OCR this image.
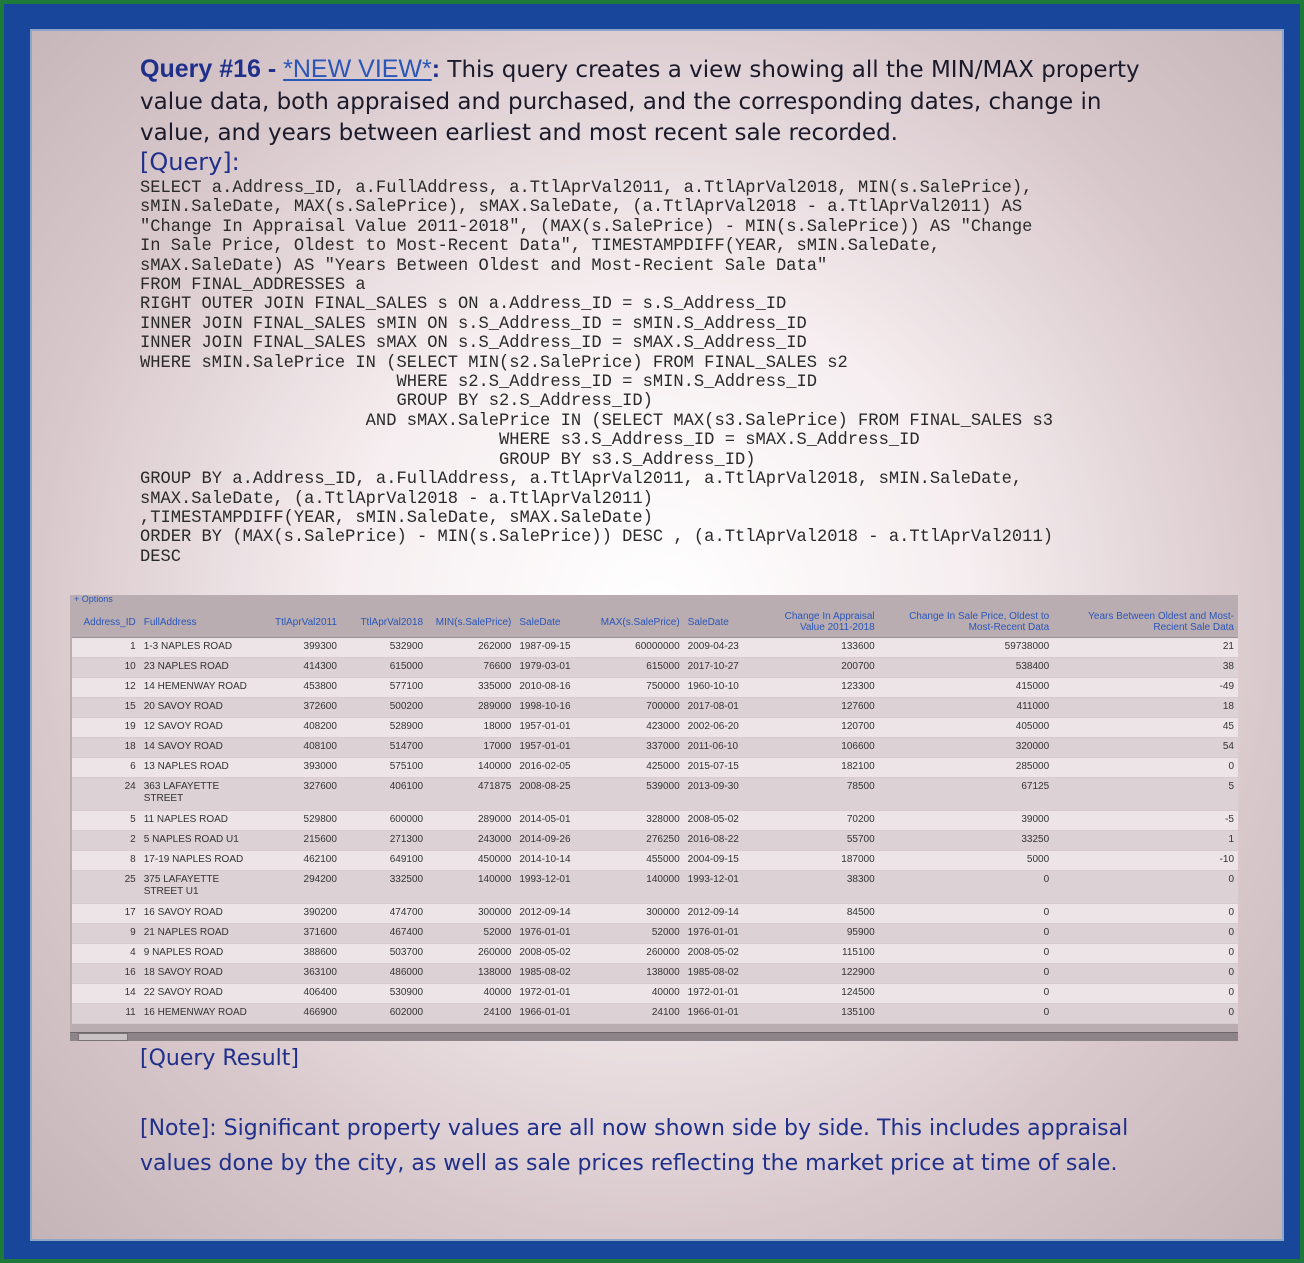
Query #16 - *NEW VIEW*: This query creates a view showing all the MIN/MAX property value data, both appraised and purchased, and the corresponding dates, change in value, and years between earliest and most recent sale recorded.
[Query]:
SELECT a.Address_ID, a.FullAddress, a.TtlAprVal2011, a.TtlAprVal2018, MIN(s.SalePrice),
sMIN.SaleDate, MAX(s.SalePrice), sMAX.SaleDate, (a.TtlAprVal2018 - a.TtlAprVal2011) AS
"Change In Appraisal Value 2011-2018", (MAX(s.SalePrice) - MIN(s.SalePrice)) AS "Change
In Sale Price, Oldest to Most-Recent Data", TIMESTAMPDIFF(YEAR, sMIN.SaleDate,
sMAX.SaleDate) AS "Years Between Oldest and Most-Recient Sale Data"
FROM FINAL_ADDRESSES a
RIGHT OUTER JOIN FINAL_SALES s ON a.Address_ID = s.S_Address_ID
INNER JOIN FINAL_SALES sMIN ON s.S_Address_ID = sMIN.S_Address_ID
INNER JOIN FINAL_SALES sMAX ON s.S_Address_ID = sMAX.S_Address_ID
WHERE sMIN.SalePrice IN (SELECT MIN(s2.SalePrice) FROM FINAL_SALES s2
WHERE s2.S_Address_ID = sMIN.S_Address_ID
GROUP BY s2.S_Address_ID)
AND sMAX.SalePrice IN (SELECT MAX(s3.SalePrice) FROM FINAL_SALES s3
WHERE s3.S_Address_ID = sMAX.S_Address_ID
GROUP BY s3.S_Address_ID)
GROUP BY a.Address_ID, a.FullAddress, a.TtlAprVal2011, a.TtlAprVal2018, sMIN.SaleDate,
sMAX.SaleDate, (a.TtlAprVal2018 - a.TtlAprVal2011)
,TIMESTAMPDIFF(YEAR, sMIN.SaleDate, sMAX.SaleDate)
ORDER BY (MAX(s.SalePrice) - MIN(s.SalePrice)) DESC , (a.TtlAprVal2018 - a.TtlAprVal2011)
DESC
+ Options
Address_ID	FullAddress	TtlAprVal2011	TtlAprVal2018	MIN(s.SalePrice)	SaleDate	MAX(s.SalePrice)	SaleDate	Change In Appraisal Value 2011-2018	Change In Sale Price, Oldest to Most-Recent Data	Years Between Oldest and Most-Recient Sale Data
1	1-3 NAPLES ROAD	399300	532900	262000	1987-09-15	60000000	2009-04-23	133600	59738000	21
10	23 NAPLES ROAD	414300	615000	76600	1979-03-01	615000	2017-10-27	200700	538400	38
12	14 HEMENWAY ROAD	453800	577100	335000	2010-08-16	750000	1960-10-10	123300	415000	-49
15	20 SAVOY ROAD	372600	500200	289000	1998-10-16	700000	2017-08-01	127600	411000	18
19	12 SAVOY ROAD	408200	528900	18000	1957-01-01	423000	2002-06-20	120700	405000	45
18	14 SAVOY ROAD	408100	514700	17000	1957-01-01	337000	2011-06-10	106600	320000	54
6	13 NAPLES ROAD	393000	575100	140000	2016-02-05	425000	2015-07-15	182100	285000	0
24	363 LAFAYETTE STREET	327600	406100	471875	2008-08-25	539000	2013-09-30	78500	67125	5
5	11 NAPLES ROAD	529800	600000	289000	2014-05-01	328000	2008-05-02	70200	39000	-5
2	5 NAPLES ROAD U1	215600	271300	243000	2014-09-26	276250	2016-08-22	55700	33250	1
8	17-19 NAPLES ROAD	462100	649100	450000	2014-10-14	455000	2004-09-15	187000	5000	-10
25	375 LAFAYETTE STREET U1	294200	332500	140000	1993-12-01	140000	1993-12-01	38300	0	0
17	16 SAVOY ROAD	390200	474700	300000	2012-09-14	300000	2012-09-14	84500	0	0
9	21 NAPLES ROAD	371600	467400	52000	1976-01-01	52000	1976-01-01	95900	0	0
4	9 NAPLES ROAD	388600	503700	260000	2008-05-02	260000	2008-05-02	115100	0	0
16	18 SAVOY ROAD	363100	486000	138000	1985-08-02	138000	1985-08-02	122900	0	0
14	22 SAVOY ROAD	406400	530900	40000	1972-01-01	40000	1972-01-01	124500	0	0
11	16 HEMENWAY ROAD	466900	602000	24100	1966-01-01	24100	1966-01-01	135100	0	0
[Query Result]
[Note]: Significant property values are all now shown side by side. This includes appraisal values done by the city, as well as sale prices reflecting the market price at time of sale.
